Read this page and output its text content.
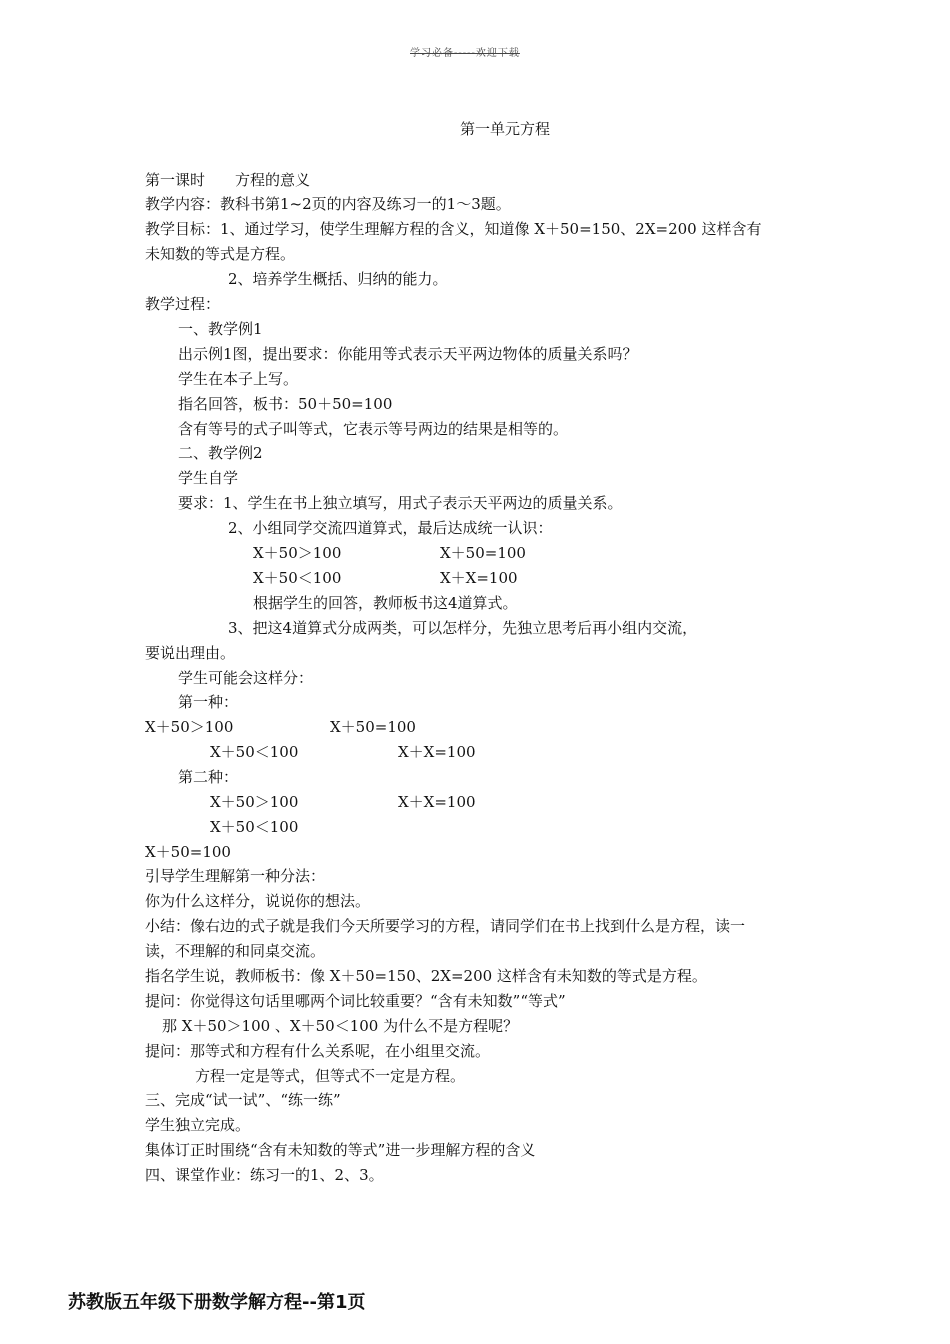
学习必备-----欢迎下载
第一单元方程
第一课时　　方程的意义
教学内容：教科书第1~2页的内容及练习一的1～3题。
教学目标：1、通过学习，使学生理解方程的含义，知道像 X＋50=150、2X=200 这样含有
未知数的等式是方程。
2、培养学生概括、归纳的能力。
教学过程：
一、教学例1
出示例1图，提出要求：你能用等式表示天平两边物体的质量关系吗？
学生在本子上写。
指名回答，板书：50＋50=100
含有等号的式子叫等式，它表示等号两边的结果是相等的。
二、教学例2
学生自学
要求：1、学生在书上独立填写，用式子表示天平两边的质量关系。
2、小组同学交流四道算式，最后达成统一认识：
X＋50＞100	X＋50=100
X＋50＜100	X＋X=100
根据学生的回答，教师板书这4道算式。
3、把这4道算式分成两类，可以怎样分，先独立思考后再小组内交流，
要说出理由。
学生可能会这样分：
第一种：
X＋50＞100	X＋50=100
X＋50＜100	X＋X=100
第二种：
X＋50＞100	X＋X=100
X＋50＜100
X＋50=100
引导学生理解第一种分法：
你为什么这样分，说说你的想法。
小结：像右边的式子就是我们今天所要学习的方程，请同学们在书上找到什么是方程，读一
读，不理解的和同桌交流。
指名学生说，教师板书：像 X＋50=150、2X=200 这样含有未知数的等式是方程。
提问：你觉得这句话里哪两个词比较重要？“含有未知数”“等式”
那 X＋50＞100 、X＋50＜100 为什么不是方程呢？
提问：那等式和方程有什么关系呢，在小组里交流。
方程一定是等式，但等式不一定是方程。
三、完成“试一试”、“练一练”
学生独立完成。
集体订正时围绕“含有未知数的等式”进一步理解方程的含义
四、课堂作业：练习一的1、2、3。
苏教版五年级下册数学解方程--第1页
